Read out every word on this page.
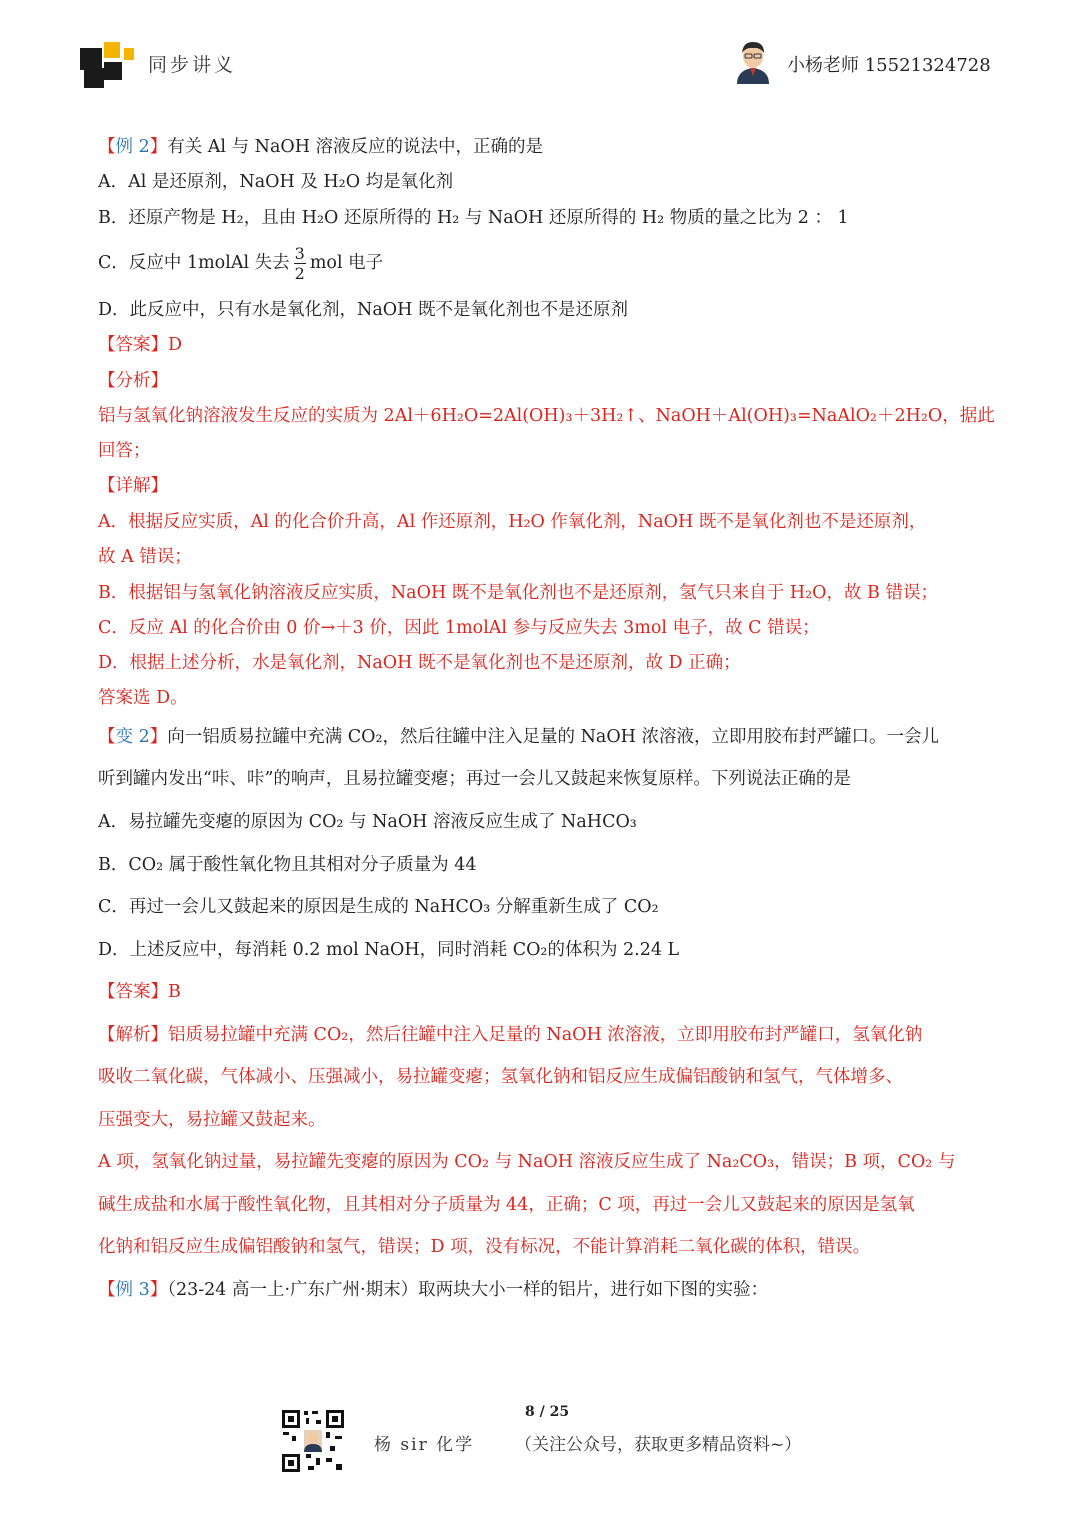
同步讲义	小杨老师 15521324728
【例 2】有关 Al 与 NaOH 溶液反应的说法中，正确的是
A．Al 是还原剂，NaOH 及 H₂O 均是氧化剂
B．还原产物是 H₂，且由 H₂O 还原所得的 H₂ 与 NaOH 还原所得的 H₂ 物质的量之比为 2 ： 1
C．反应中 1molAl 失去 $\frac{3}{2}$ mol 电子
D．此反应中，只有水是氧化剂，NaOH 既不是氧化剂也不是还原剂
【答案】D
【分析】
铝与氢氧化钠溶液发生反应的实质为 2Al＋6H₂O=2Al(OH)₃＋3H₂↑、NaOH＋Al(OH)₃=NaAlO₂＋2H₂O，据此
回答；
【详解】
A．根据反应实质，Al 的化合价升高，Al 作还原剂，H₂O 作氧化剂，NaOH 既不是氧化剂也不是还原剂，
故 A 错误；
B．根据铝与氢氧化钠溶液反应实质，NaOH 既不是氧化剂也不是还原剂，氢气只来自于 H₂O，故 B 错误；
C．反应 Al 的化合价由 0 价→＋3 价，因此 1molAl 参与反应失去 3mol 电子，故 C 错误；
D．根据上述分析，水是氧化剂，NaOH 既不是氧化剂也不是还原剂，故 D 正确；
答案选 D。
【变 2】向一铝质易拉罐中充满 CO₂，然后往罐中注入足量的 NaOH 浓溶液，立即用胶布封严罐口。一会儿
听到罐内发出“咔、咔”的响声，且易拉罐变瘪；再过一会儿又鼓起来恢复原样。下列说法正确的是
A．易拉罐先变瘪的原因为 CO₂ 与 NaOH 溶液反应生成了 NaHCO₃
B．CO₂ 属于酸性氧化物且其相对分子质量为 44
C．再过一会儿又鼓起来的原因是生成的 NaHCO₃ 分解重新生成了 CO₂
D．上述反应中，每消耗 0.2 mol NaOH，同时消耗 CO₂的体积为 2.24 L
【答案】B
【解析】铝质易拉罐中充满 CO₂，然后往罐中注入足量的 NaOH 浓溶液，立即用胶布封严罐口，氢氧化钠
吸收二氧化碳，气体减小、压强减小，易拉罐变瘪；氢氧化钠和铝反应生成偏铝酸钠和氢气，气体增多、
压强变大，易拉罐又鼓起来。
A 项，氢氧化钠过量，易拉罐先变瘪的原因为 CO₂ 与 NaOH 溶液反应生成了 Na₂CO₃，错误；B 项，CO₂ 与
碱生成盐和水属于酸性氧化物，且其相对分子质量为 44，正确；C 项，再过一会儿又鼓起来的原因是氢氧
化钠和铝反应生成偏铝酸钠和氢气，错误；D 项，没有标况，不能计算消耗二氧化碳的体积，错误。
【例 3】（23-24 高一上·广东广州·期末）取两块大小一样的铝片，进行如下图的实验：
8 / 25
杨 sir 化学 （关注公众号，获取更多精品资料~）
